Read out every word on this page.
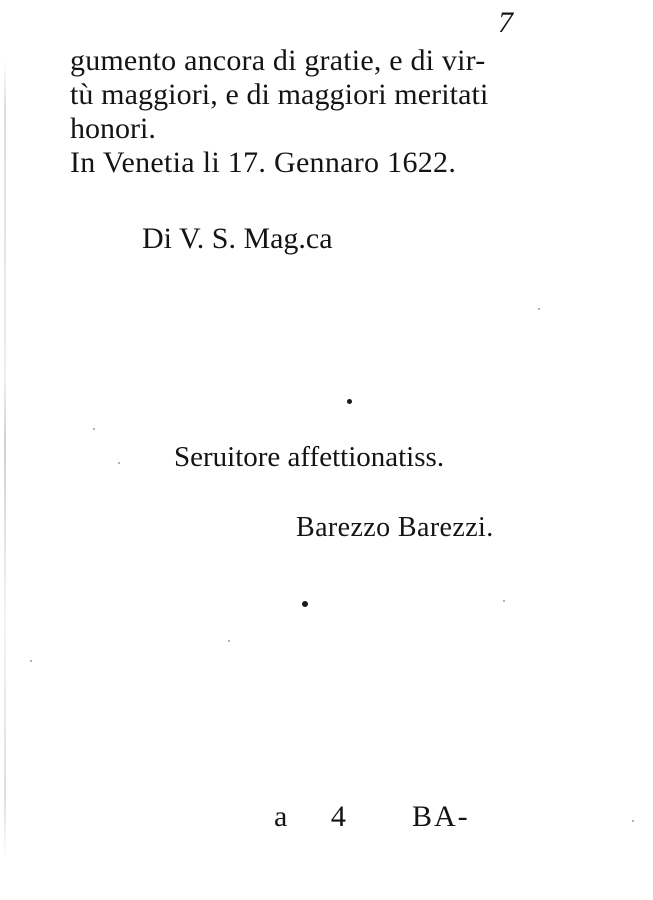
7
gumento ancora di gratie, e di vir-
tù maggiori, e di maggiori meritati
honori.
In Venetia li 17. Gennaro 1622.
Di V. S. Mag.ca
Seruitore affettionatiss.
Barezzo Barezzi.
a 4 BA-
